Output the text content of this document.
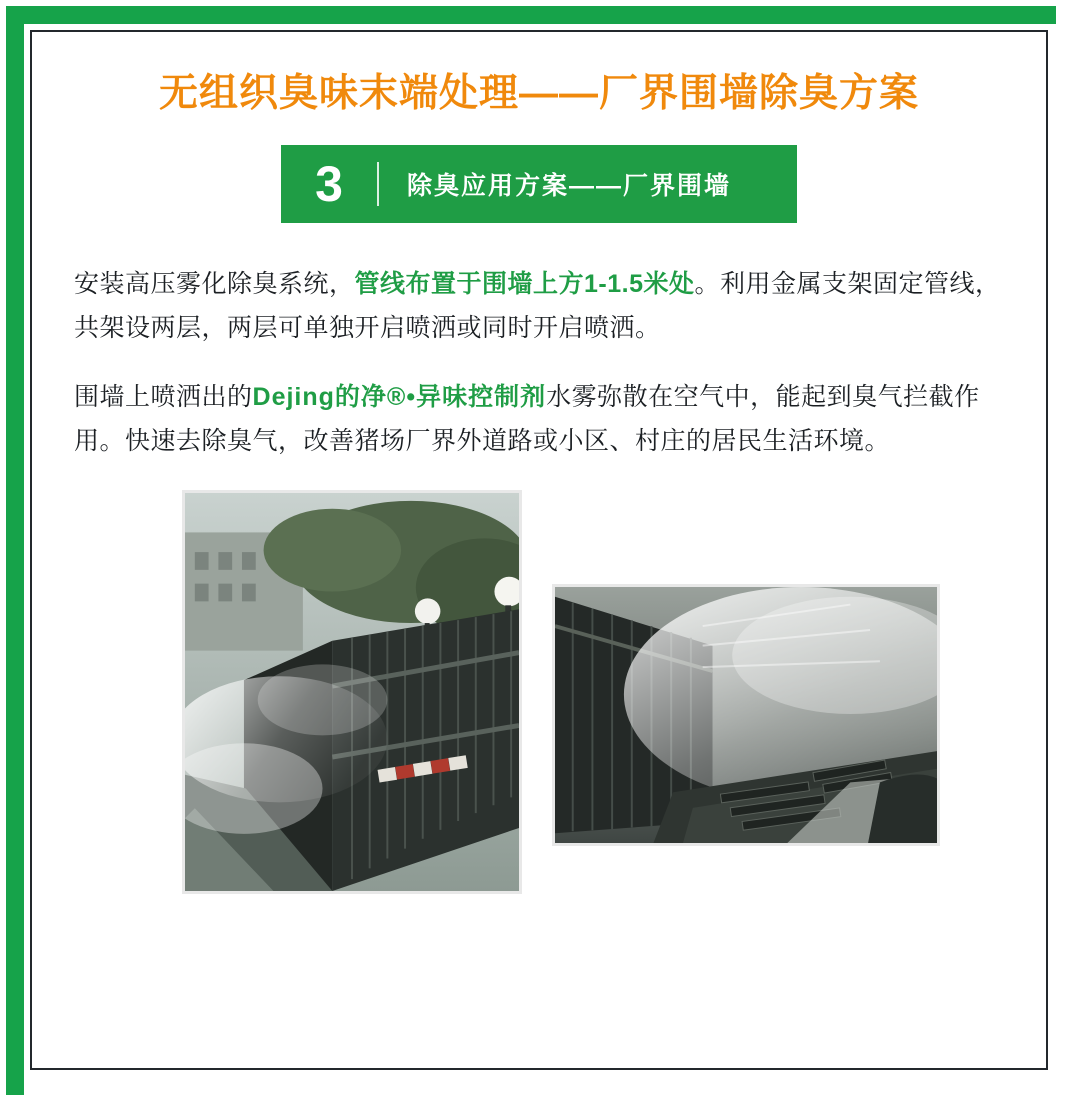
无组织臭味末端处理——厂界围墙除臭方案
3	除臭应用方案——厂界围墙

安装高压雾化除臭系统，管线布置于围墙上方1-1.5米处。利用金属支架固定管线，共架设两层，两层可单独开启喷洒或同时开启喷洒。

围墙上喷洒出的Dejing的净®•异味控制剂水雾弥散在空气中，能起到臭气拦截作用。快速去除臭气，改善猪场厂界外道路或小区、村庄的居民生活环境。
